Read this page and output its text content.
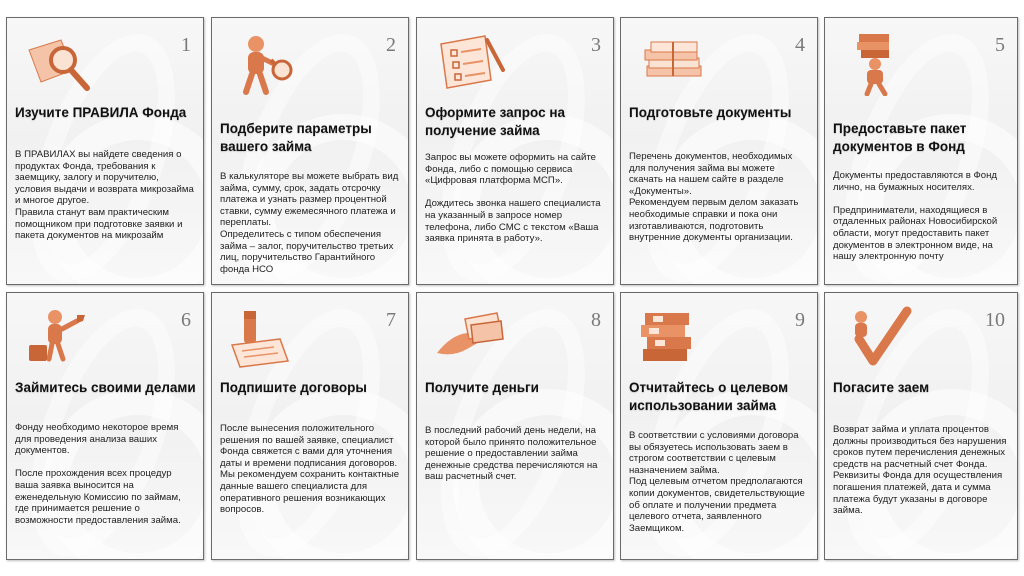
1
Изучите ПРАВИЛА Фонда
В ПРАВИЛАХ вы найдете сведения о продуктах Фонда, требования к заемщику, залогу и поручителю, условия выдачи и возврата микрозайма и многое другое.
Правила станут вам практическим помощником при подготовке заявки и пакета документов на микрозайм
2
Подберите параметры вашего займа
В калькуляторе вы можете выбрать вид займа, сумму, срок, задать отсрочку платежа и узнать размер процентной ставки, сумму ежемесячного платежа и переплаты.
Определитесь с типом обеспечения займа – залог, поручительство третьих лиц, поручительство Гарантийного фонда НСО
3
Оформите запрос на получение займа
Запрос вы можете оформить на сайте Фонда, либо с помощью сервиса «Цифровая платформа МСП».

Дождитесь звонка нашего специалиста на указанный в запросе номер телефона, либо СМС с текстом «Ваша заявка принята в работу».
4
Подготовьте документы
Перечень документов, необходимых для получения займа вы можете скачать на нашем сайте в разделе «Документы».
Рекомендуем первым делом заказать необходимые справки и пока они изготавливаются, подготовить внутренние документы организации.
5
Предоставьте пакет документов в Фонд
Документы предоставляются в Фонд лично, на бумажных носителях.

Предприниматели, находящиеся в отдаленных районах Новосибирской области, могут предоставить пакет документов в электронном виде, на нашу электронную почту
6
Займитесь своими делами
Фонду необходимо некоторое время для проведения анализа ваших документов.

После прохождения всех процедур ваша заявка выносится на еженедельную Комиссию по займам, где принимается решение о возможности предоставления займа.
7
Подпишите договоры
После вынесения положительного решения по вашей заявке, специалист Фонда свяжется с вами для уточнения даты и времени подписания договоров.
Мы рекомендуем сохранить контактные данные вашего специалиста для оперативного решения возникающих вопросов.
8
Получите деньги
В последний рабочий день недели, на которой было принято положительное решение о предоставлении займа денежные средства перечисляются на ваш расчетный счет.
9
Отчитайтесь о целевом использовании займа
В соответствии с условиями договора вы обязуетесь использовать заем в строгом соответствии с целевым назначением займа.
Под целевым отчетом предполагаются копии документов, свидетельствующие об оплате и получении предмета целевого отчета, заявленного Заемщиком.
10
Погасите заем
Возврат займа и уплата процентов должны производиться без нарушения сроков путем перечисления денежных средств на расчетный счет Фонда. Реквизиты Фонда для осуществления погашения платежей, дата и сумма платежа будут указаны в договоре займа.
